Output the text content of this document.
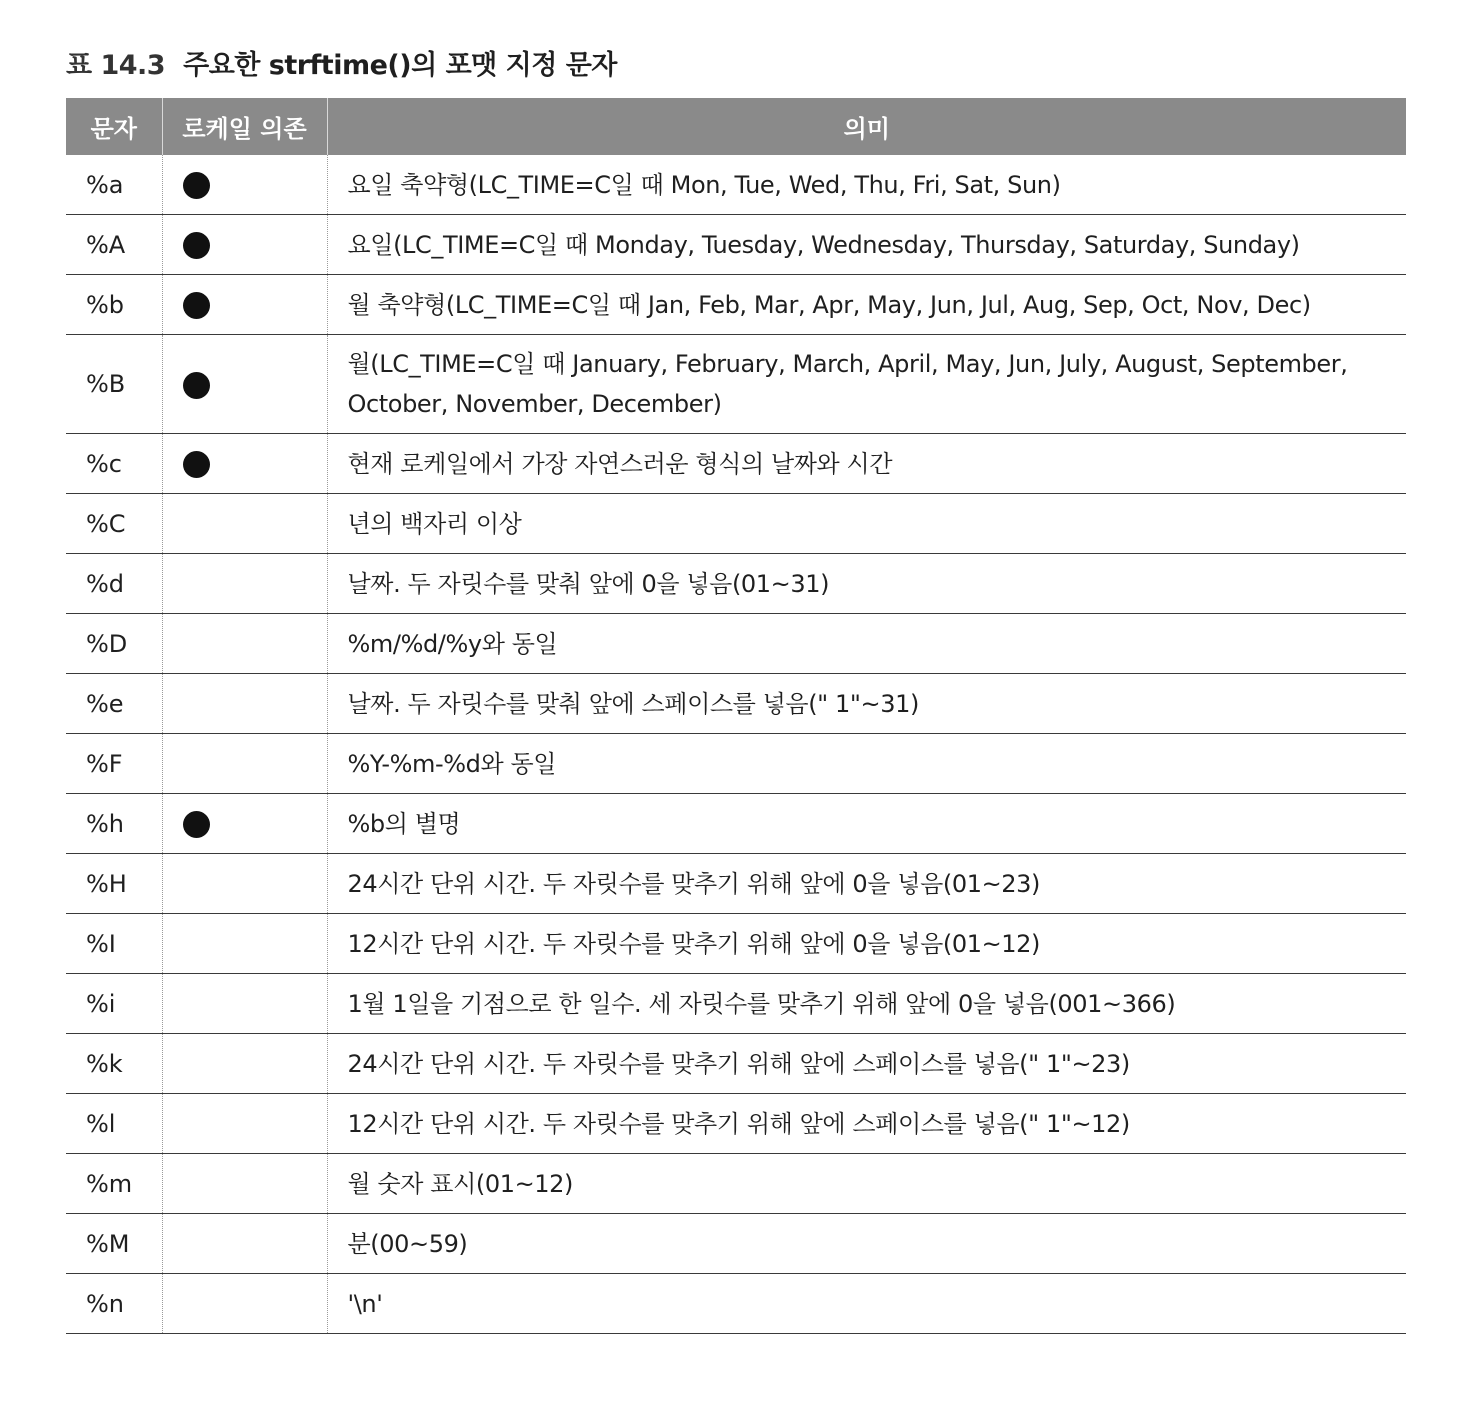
표 14.3 주요한 strftime()의 포맷 지정 문자
문자	로케일 의존	의미
%a		요일 축약형(LC_TIME=C일 때 Mon, Tue, Wed, Thu, Fri, Sat, Sun)
%A		요일(LC_TIME=C일 때 Monday, Tuesday, Wednesday, Thursday, Saturday, Sunday)
%b		월 축약형(LC_TIME=C일 때 Jan, Feb, Mar, Apr, May, Jun, Jul, Aug, Sep, Oct, Nov, Dec)
%B		월(LC_TIME=C일 때 January, February, March, April, May, Jun, July, August, September, October, November, December)
%c		현재 로케일에서 가장 자연스러운 형식의 날짜와 시간
%C		년의 백자리 이상
%d		날짜. 두 자릿수를 맞춰 앞에 0을 넣음(01~31)
%D		%m/%d/%y와 동일
%e		날짜. 두 자릿수를 맞춰 앞에 스페이스를 넣음(" 1"~31)
%F		%Y-%m-%d와 동일
%h		%b의 별명
%H		24시간 단위 시간. 두 자릿수를 맞추기 위해 앞에 0을 넣음(01~23)
%I		12시간 단위 시간. 두 자릿수를 맞추기 위해 앞에 0을 넣음(01~12)
%i		1월 1일을 기점으로 한 일수. 세 자릿수를 맞추기 위해 앞에 0을 넣음(001~366)
%k		24시간 단위 시간. 두 자릿수를 맞추기 위해 앞에 스페이스를 넣음(" 1"~23)
%l		12시간 단위 시간. 두 자릿수를 맞추기 위해 앞에 스페이스를 넣음(" 1"~12)
%m		월 숫자 표시(01~12)
%M		분(00~59)
%n		'\n'
